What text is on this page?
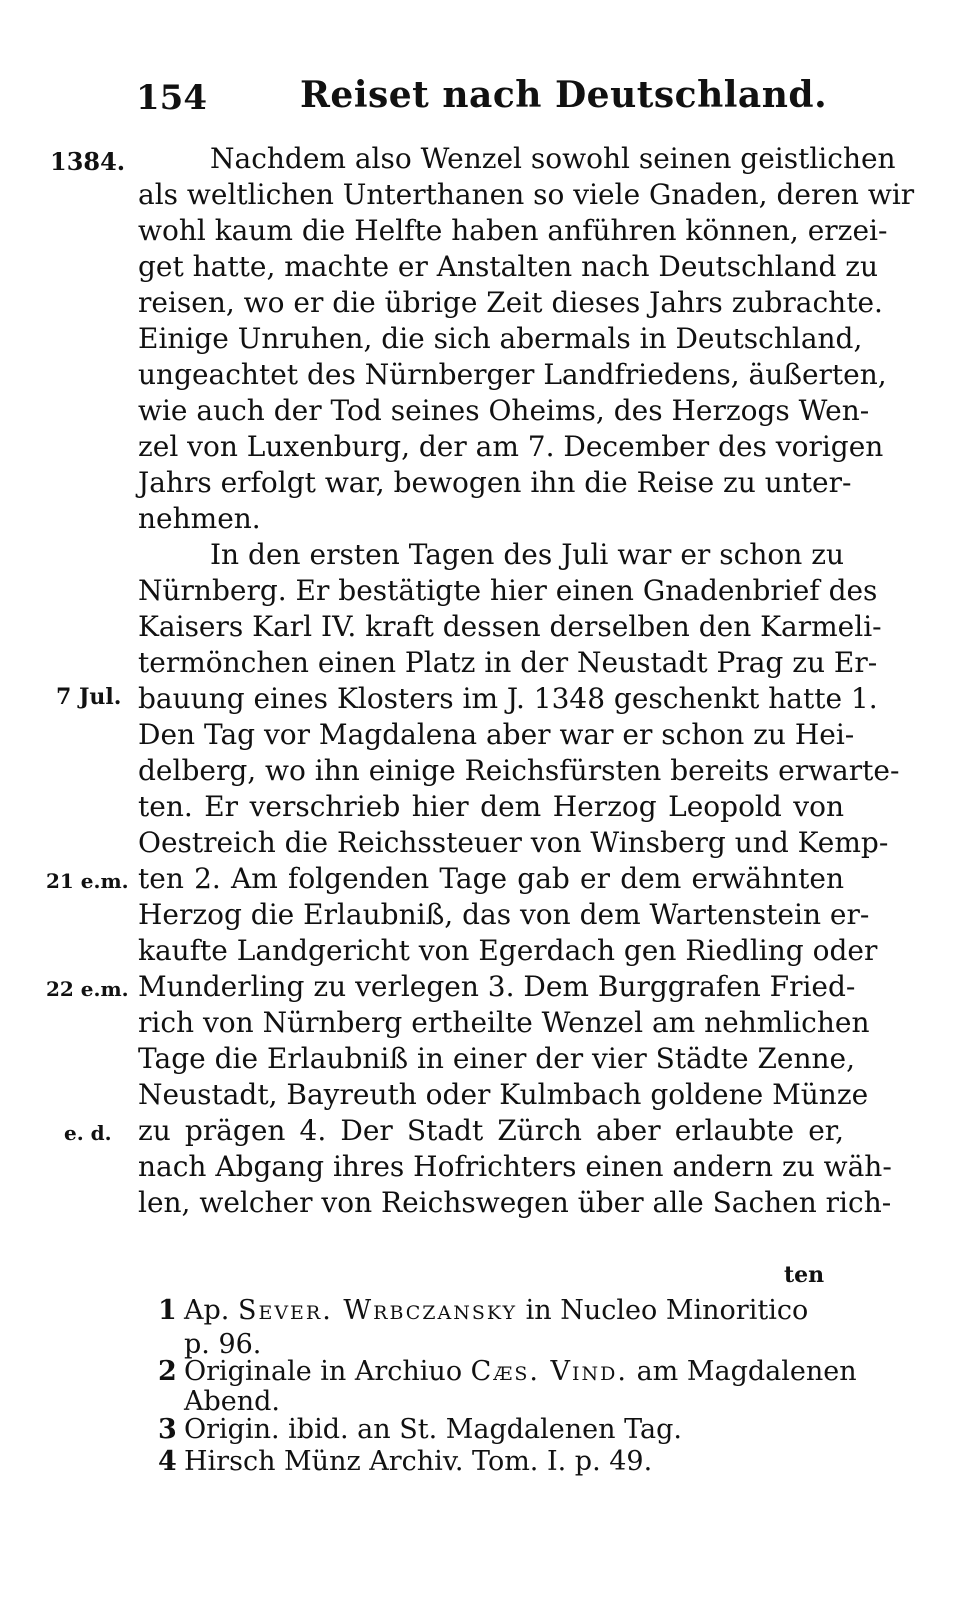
154	Reiset nach Deutschland.
Nachdem also Wenzel sowohl seinen geistlichen
als weltlichen Unterthanen so viele Gnaden, deren wir
wohl kaum die Helfte haben anführen können, erzei-
get hatte, machte er Anstalten nach Deutschland zu
reisen, wo er die übrige Zeit dieses Jahrs zubrachte.
Einige Unruhen, die sich abermals in Deutschland,
ungeachtet des Nürnberger Landfriedens, äußerten,
wie auch der Tod seines Oheims, des Herzogs Wen-
zel von Luxenburg, der am 7. December des vorigen
Jahrs erfolgt war, bewogen ihn die Reise zu unter-
nehmen.
In den ersten Tagen des Juli war er schon zu
Nürnberg. Er bestätigte hier einen Gnadenbrief des
Kaisers Karl IV. kraft dessen derselben den Karmeli-
termönchen einen Platz in der Neustadt Prag zu Er-
bauung eines Klosters im J. 1348 geschenkt hatte 1.
Den Tag vor Magdalena aber war er schon zu Hei-
delberg, wo ihn einige Reichsfürsten bereits erwarte-
ten. Er verschrieb hier dem Herzog Leopold von
Oestreich die Reichssteuer von Winsberg und Kemp-
ten 2. Am folgenden Tage gab er dem erwähnten
Herzog die Erlaubniß, das von dem Wartenstein er-
kaufte Landgericht von Egerdach gen Riedling oder
Munderling zu verlegen 3. Dem Burggrafen Fried-
rich von Nürnberg ertheilte Wenzel am nehmlichen
Tage die Erlaubniß in einer der vier Städte Zenne,
Neustadt, Bayreuth oder Kulmbach goldene Münze
zu prägen 4. Der Stadt Zürch aber erlaubte er,
nach Abgang ihres Hofrichters einen andern zu wäh-
len, welcher von Reichswegen über alle Sachen rich-
ten
1384.
7 Jul.
21 e.m.
22 e.m.
e. d.
1 Ap. Sever. Wrbczansky in Nucleo Minoritico
p. 96.
2 Originale in Archiuo Cæs. Vind. am Magdalenen
Abend.
3 Origin. ibid. an St. Magdalenen Tag.
4 Hirsch Münz Archiv. Tom. I. p. 49.
